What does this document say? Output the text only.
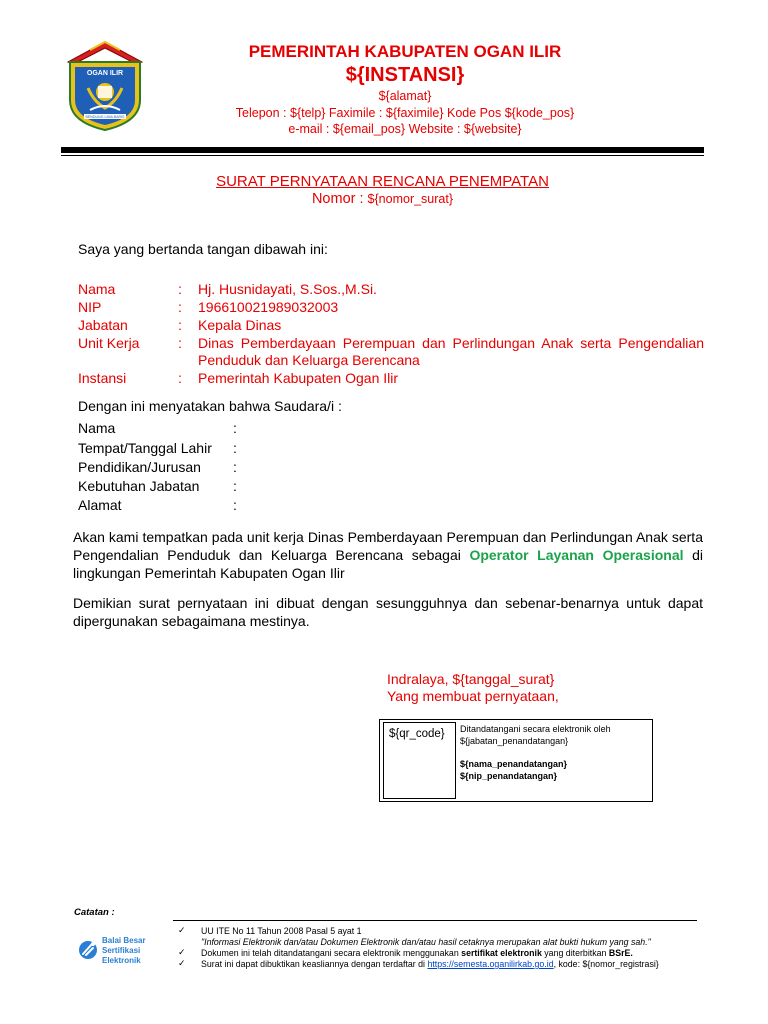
OGAN ILIR
BENDUNG LIMA BARIS
PEMERINTAH KABUPATEN OGAN ILIR
${INSTANSI}
${alamat}
Telepon : ${telp} Faximile : ${faximile} Kode Pos ${kode_pos}
e-mail : ${email_pos} Website : ${website}
SURAT PERNYATAAN RENCANA PENEMPATAN
Nomor : ${nomor_surat}
Saya yang bertanda tangan dibawah ini:
Nama	: Hj. Husnidayati, S.Sos.,M.Si.
NIP	: 196610021989032003
Jabatan	: Kepala Dinas
Unit Kerja	: Dinas Pemberdayaan Perempuan dan Perlindungan Anak serta Pengendalian Penduduk dan Keluarga Berencana
Instansi	: Pemerintah Kabupaten Ogan Ilir
Dengan ini menyatakan bahwa Saudara/i :
Nama	:
Tempat/Tanggal Lahir	:
Pendidikan/Jurusan	:
Kebutuhan Jabatan	:
Alamat	:
Akan kami tempatkan pada unit kerja Dinas Pemberdayaan Perempuan dan Perlindungan Anak serta Pengendalian Penduduk dan Keluarga Berencana sebagai Operator Layanan Operasional di lingkungan Pemerintah Kabupaten Ogan Ilir
Demikian surat pernyataan ini dibuat dengan sesungguhnya dan sebenar-benarnya untuk dapat dipergunakan sebagaimana mestinya.
Indralaya, ${tanggal_surat}
Yang membuat pernyataan,
${qr_code} Ditandatangani secara elektronik oleh
${jabatan_penandatangan}
${nama_penandatangan}
${nip_penandatangan}
Catatan :
Balai Besar
Sertifikasi
Elektronik
✓ UU ITE No 11 Tahun 2008 Pasal 5 ayat 1
"Informasi Elektronik dan/atau Dokumen Elektronik dan/atau hasil cetaknya merupakan alat bukti hukum yang sah."
✓ Dokumen ini telah ditandatangani secara elektronik menggunakan sertifikat elektronik yang diterbitkan BSrE.
✓ Surat ini dapat dibuktikan keasliannya dengan terdaftar di https://semesta.oganilirkab.go.id, kode: ${nomor_registrasi}
